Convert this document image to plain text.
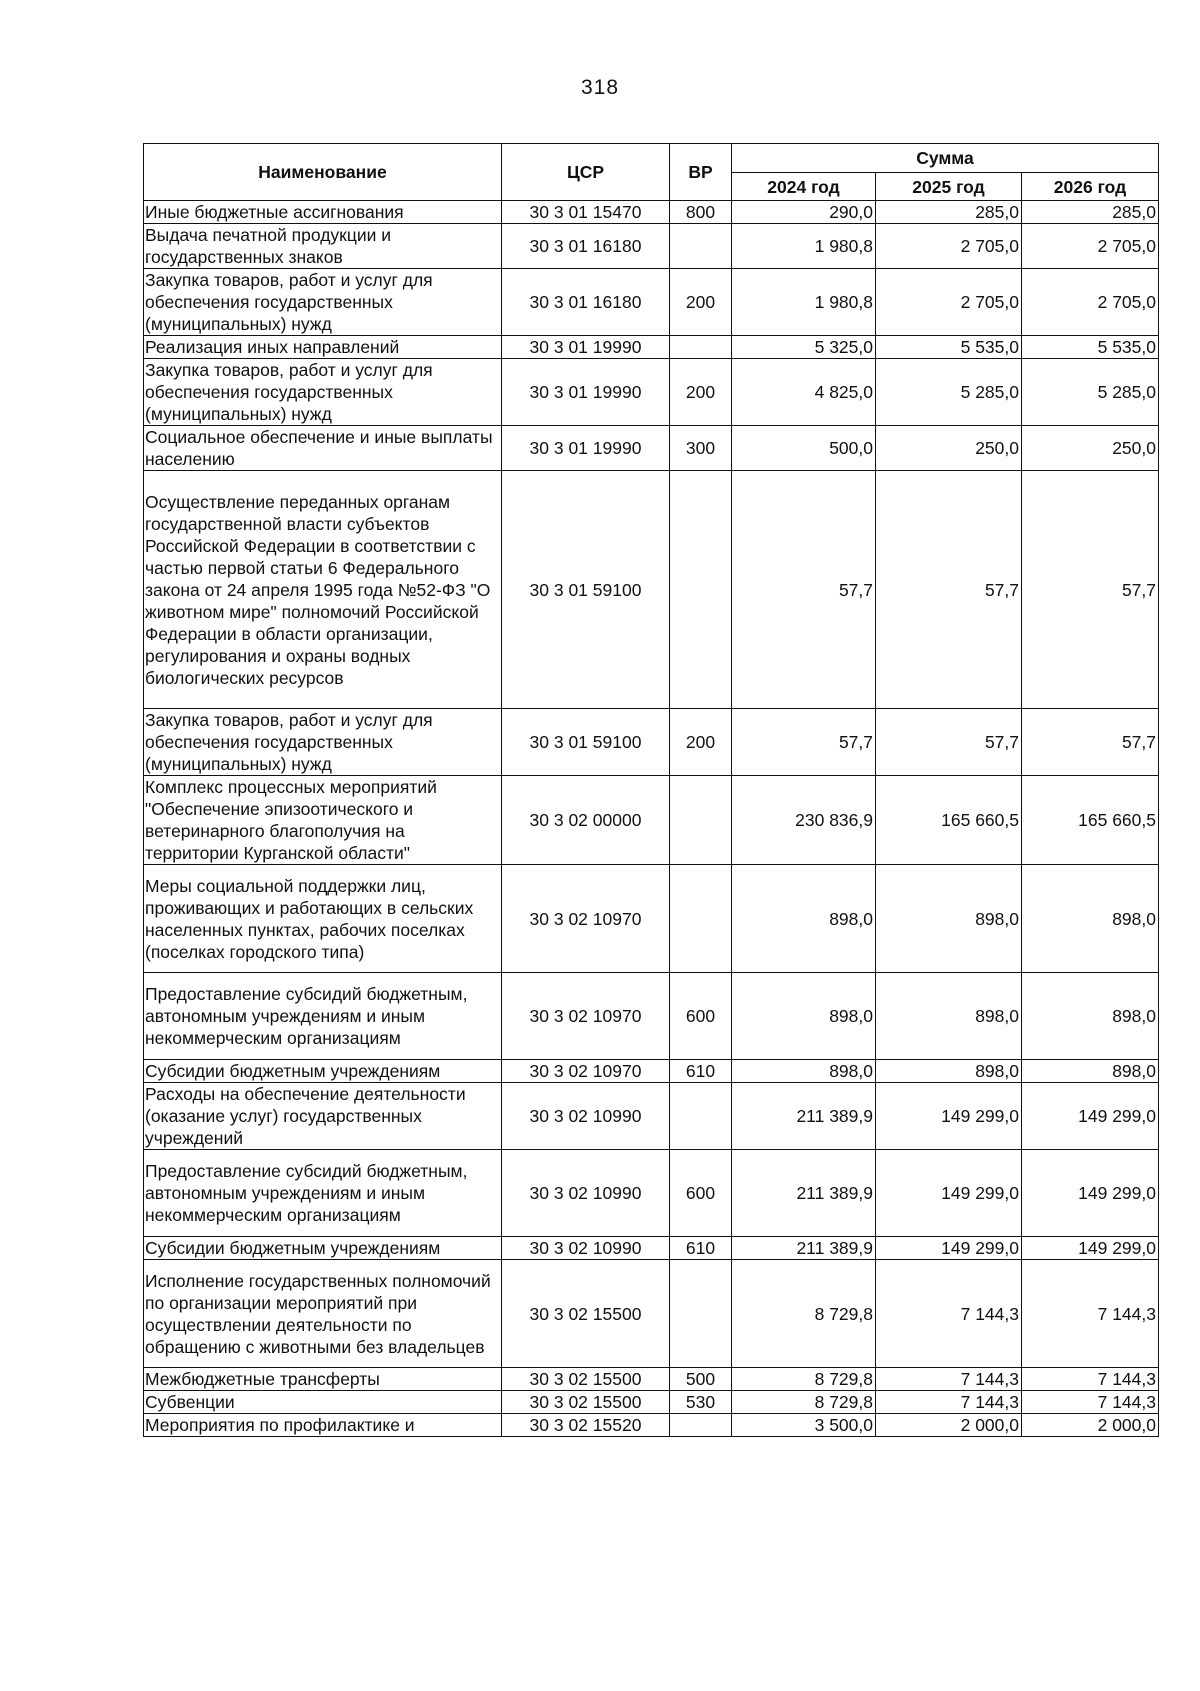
318
Наименование	ЦСР	ВР	Сумма		
			2024 год	2025 год	2026 год
Иные бюджетные ассигнования	30 3 01 15470	800	290,0	285,0	285,0
Выдача печатной продукции и государственных знаков	30 3 01 16180		1 980,8	2 705,0	2 705,0
Закупка товаров, работ и услуг для обеспечения государственных (муниципальных) нужд	30 3 01 16180	200	1 980,8	2 705,0	2 705,0
Реализация иных направлений	30 3 01 19990		5 325,0	5 535,0	5 535,0
Закупка товаров, работ и услуг для обеспечения государственных (муниципальных) нужд	30 3 01 19990	200	4 825,0	5 285,0	5 285,0
Социальное обеспечение и иные выплаты населению	30 3 01 19990	300	500,0	250,0	250,0
Осуществление переданных органам государственной власти субъектов Российской Федерации в соответствии с частью первой статьи 6 Федерального закона от 24 апреля 1995 года №52-ФЗ "О животном мире" полномочий Российской Федерации в области организации, регулирования и охраны водных биологических ресурсов	30 3 01 59100		57,7	57,7	57,7
Закупка товаров, работ и услуг для обеспечения государственных (муниципальных) нужд	30 3 01 59100	200	57,7	57,7	57,7
Комплекс процессных мероприятий "Обеспечение эпизоотического и ветеринарного благополучия на территории Курганской области"	30 3 02 00000		230 836,9	165 660,5	165 660,5
Меры социальной поддержки лиц, проживающих и работающих в сельских населенных пунктах, рабочих поселках (поселках городского типа)	30 3 02 10970		898,0	898,0	898,0
Предоставление субсидий бюджетным, автономным учреждениям и иным некоммерческим организациям	30 3 02 10970	600	898,0	898,0	898,0
Субсидии бюджетным учреждениям	30 3 02 10970	610	898,0	898,0	898,0
Расходы на обеспечение деятельности (оказание услуг) государственных учреждений	30 3 02 10990		211 389,9	149 299,0	149 299,0
Предоставление субсидий бюджетным, автономным учреждениям и иным некоммерческим организациям	30 3 02 10990	600	211 389,9	149 299,0	149 299,0
Субсидии бюджетным учреждениям	30 3 02 10990	610	211 389,9	149 299,0	149 299,0
Исполнение государственных полномочий по организации мероприятий при осуществлении деятельности по обращению с животными без владельцев	30 3 02 15500		8 729,8	7 144,3	7 144,3
Межбюджетные трансферты	30 3 02 15500	500	8 729,8	7 144,3	7 144,3
Субвенции	30 3 02 15500	530	8 729,8	7 144,3	7 144,3
Мероприятия по профилактике и	30 3 02 15520		3 500,0	2 000,0	2 000,0
